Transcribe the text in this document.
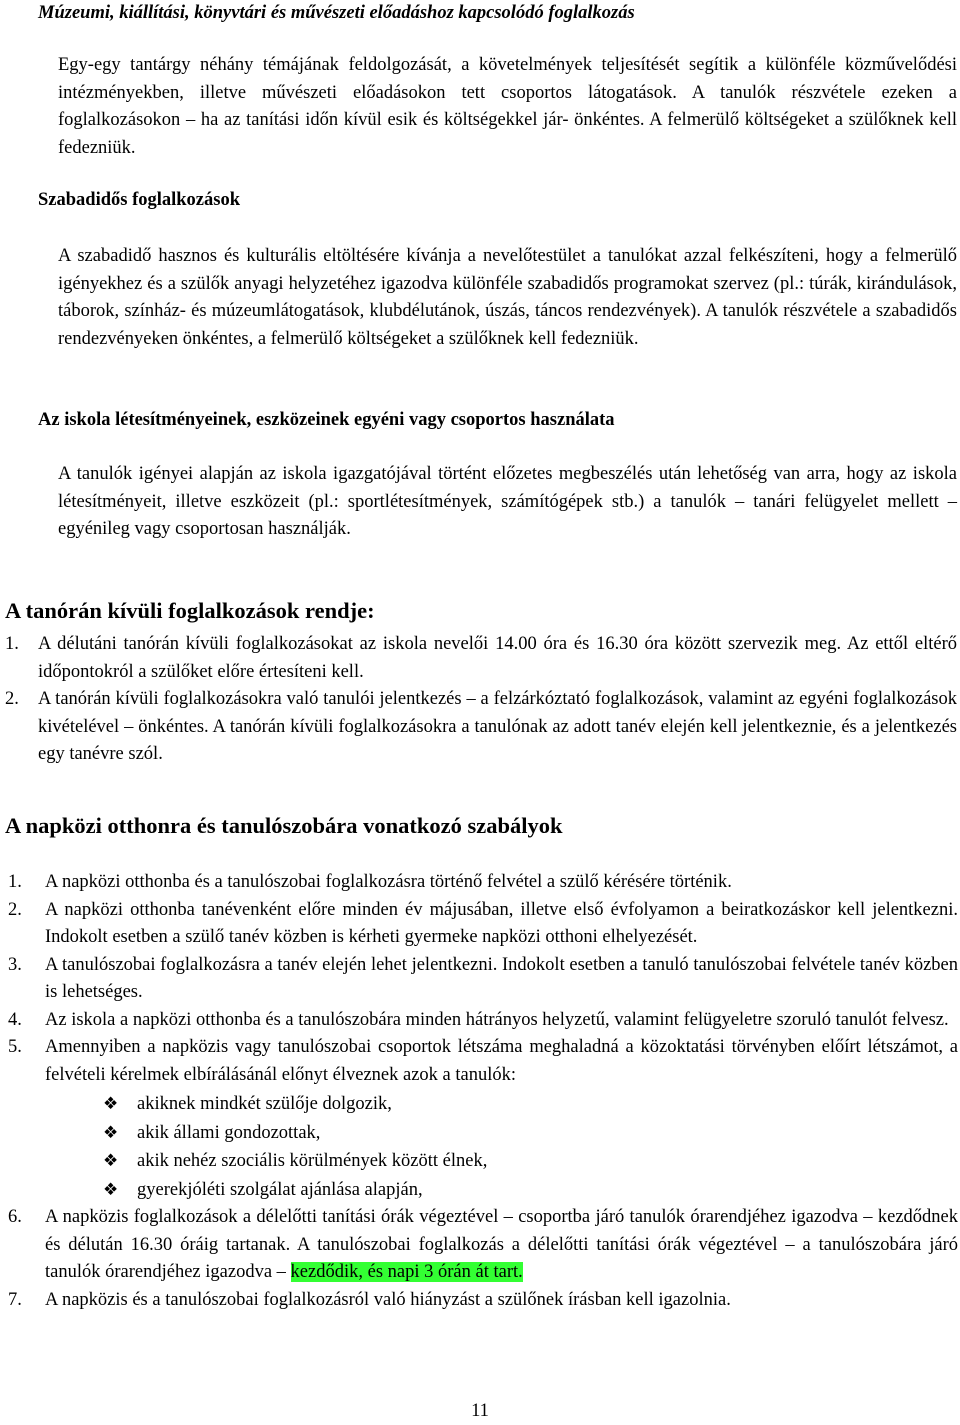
Múzeumi, kiállítási, könyvtári és művészeti előadáshoz kapcsolódó foglalkozás

Egy-egy tantárgy néhány témájának feldolgozását, a követelmények teljesítését segítik a különféle közművelődési intézményekben, illetve művészeti előadásokon tett csoportos látogatások. A tanulók részvétele ezeken a foglalkozásokon – ha az tanítási időn kívül esik és költségekkel jár- önkéntes. A felmerülő költségeket a szülőknek kell fedezniük.

Szabadidős foglalkozások

A szabadidő hasznos és kulturális eltöltésére kívánja a nevelőtestület a tanulókat azzal felkészíteni, hogy a felmerülő igényekhez és a szülők anyagi helyzetéhez igazodva különféle szabadidős programokat szervez (pl.: túrák, kirándulások, táborok, színház- és múzeumlátogatások, klubdélutánok, úszás, táncos rendezvények). A tanulók részvétele a szabadidős rendezvényeken önkéntes, a felmerülő költségeket a szülőknek kell fedezniük.

Az iskola létesítményeinek, eszközeinek egyéni vagy csoportos használata

A tanulók igényei alapján az iskola igazgatójával történt előzetes megbeszélés után lehetőség van arra, hogy az iskola létesítményeit, illetve eszközeit (pl.: sportlétesítmények, számítógépek stb.) a tanulók – tanári felügyelet mellett – egyénileg vagy csoportosan használják.

A tanórán kívüli foglalkozások rendje:
1. A délutáni tanórán kívüli foglalkozásokat az iskola nevelői 14.00 óra és 16.30 óra között szervezik meg. Az ettől eltérő időpontokról a szülőket előre értesíteni kell.
2. A tanórán kívüli foglalkozásokra való tanulói jelentkezés – a felzárkóztató foglalkozások, valamint az egyéni foglalkozások kivételével – önkéntes. A tanórán kívüli foglalkozásokra a tanulónak az adott tanév elején kell jelentkeznie, és a jelentkezés egy tanévre szól.
A napközi otthonra és tanulószobára vonatkozó szabályok
1. A napközi otthonba és a tanulószobai foglalkozásra történő felvétel a szülő kérésére történik.
2. A napközi otthonba tanévenként előre minden év májusában, illetve első évfolyamon a beiratkozáskor kell jelentkezni. Indokolt esetben a szülő tanév közben is kérheti gyermeke napközi otthoni elhelyezését.
3. A tanulószobai foglalkozásra a tanév elején lehet jelentkezni. Indokolt esetben a tanuló tanulószobai felvétele tanév közben is lehetséges.
4. Az iskola a napközi otthonba és a tanulószobára minden hátrányos helyzetű, valamint felügyeletre szoruló tanulót felvesz.
5. Amennyiben a napközis vagy tanulószobai csoportok létszáma meghaladná a közoktatási törvényben előírt létszámot, a felvételi kérelmek elbírálásánál előnyt élveznek azok a tanulók:
❖ akiknek mindkét szülője dolgozik,
❖ akik állami gondozottak,
❖ akik nehéz szociális körülmények között élnek,
❖ gyerekjóléti szolgálat ajánlása alapján,
6. A napközis foglalkozások a délelőtti tanítási órák végeztével – csoportba járó tanulók órarendjéhez igazodva – kezdődnek és délután 16.30 óráig tartanak. A tanulószobai foglalkozás a délelőtti tanítási órák végeztével – a tanulószobára járó tanulók órarendjéhez igazodva – kezdődik, és napi 3 órán át tart.
7. A napközis és a tanulószobai foglalkozásról való hiányzást a szülőnek írásban kell igazolnia.
11
